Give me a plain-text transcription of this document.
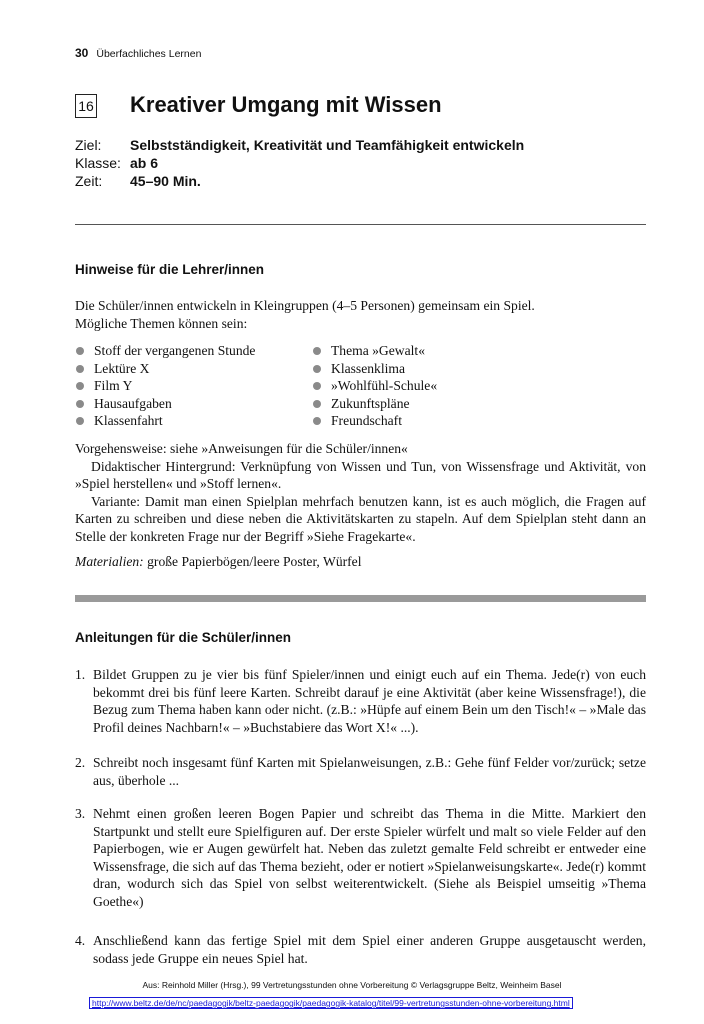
30 Überfachliches Lernen
16 Kreativer Umgang mit Wissen
Ziel: Selbstständigkeit, Kreativität und Teamfähigkeit entwickeln
Klasse: ab 6
Zeit: 45–90 Min.
Hinweise für die Lehrer/innen

Die Schüler/innen entwickeln in Kleingruppen (4–5 Personen) gemeinsam ein Spiel.

Mögliche Themen können sein:

Stoff der vergangenen Stunde
Lektüre X
Film Y
Hausaufgaben
Klassenfahrt
Thema »Gewalt«
Klassenklima
»Wohlfühl-Schule«
Zukunftspläne
Freundschaft

Vorgehensweise: siehe »Anweisungen für die Schüler/innen«

Didaktischer Hintergrund: Verknüpfung von Wissen und Tun, von Wissensfrage und Aktivität, von »Spiel herstellen« und »Stoff lernen«.

Variante: Damit man einen Spielplan mehrfach benutzen kann, ist es auch möglich, die Fragen auf Karten zu schreiben und diese neben die Aktivitätskarten zu stapeln. Auf dem Spielplan steht dann an Stelle der konkreten Frage nur der Begriff »Siehe Fragekarte«.

Materialien: große Papierbögen/leere Poster, Würfel

Anleitungen für die Schüler/innen
1. Bildet Gruppen zu je vier bis fünf Spieler/innen und einigt euch auf ein Thema. Jede(r) von euch bekommt drei bis fünf leere Karten. Schreibt darauf je eine Aktivität (aber keine Wissensfrage!), die Bezug zum Thema haben kann oder nicht. (z.B.: »Hüpfe auf einem Bein um den Tisch!« – »Male das Profil deines Nachbarn!« – »Buchstabiere das Wort X!« ...).
2. Schreibt noch insgesamt fünf Karten mit Spielanweisungen, z.B.: Gehe fünf Felder vor/zurück; setze aus, überhole ...
3. Nehmt einen großen leeren Bogen Papier und schreibt das Thema in die Mitte. Markiert den Startpunkt und stellt eure Spielfiguren auf. Der erste Spieler würfelt und malt so viele Felder auf den Papierbogen, wie er Augen gewürfelt hat. Neben das zuletzt gemalte Feld schreibt er entweder eine Wissensfrage, die sich auf das Thema bezieht, oder er notiert »Spielanweisungskarte«. Jede(r) kommt dran, wodurch sich das Spiel von selbst weiterentwickelt. (Siehe als Beispiel umseitig »Thema Goethe«)
4. Anschließend kann das fertige Spiel mit dem Spiel einer anderen Gruppe ausgetauscht werden, sodass jede Gruppe ein neues Spiel hat.
Aus: Reinhold Miller (Hrsg.), 99 Vertretungsstunden ohne Vorbereitung © Verlagsgruppe Beltz, Weinheim Basel
http://www.beltz.de/de/nc/paedagogik/beltz-paedagogik/paedagogik-katalog/titel/99-vertretungsstunden-ohne-vorbereitung.html
